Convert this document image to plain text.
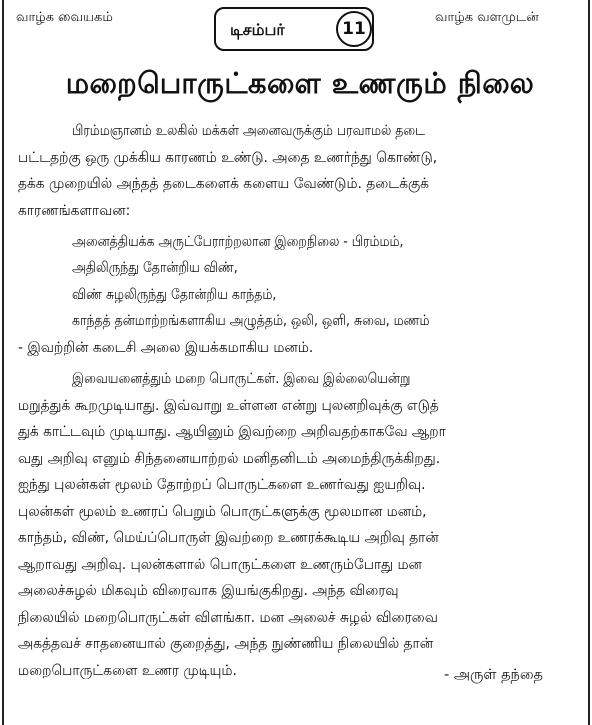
வாழ்க வையகம்
டிசம்பர்	11
வாழ்க வளமுடன்
மறைபொருட்களை உணரும் நிலை
பிரம்மஞானம் உலகில் மக்கள் அனைவருக்கும் பரவாமல் தடை
பட்டதற்கு ஒரு முக்கிய காரணம் உண்டு. அதை உணர்ந்து கொண்டு,
தக்க முறையில் அந்தத் தடைகளைக் களைய வேண்டும். தடைக்குக்
காரணங்களாவன:
அனைத்தியக்க அருட்பேராற்றலான இறைநிலை - பிரம்மம்,
அதிலிருந்து தோன்றிய விண்,
விண் சுழலிருந்து தோன்றிய காந்தம்,
காந்தத் தன்மாற்றங்களாகிய அழுத்தம், ஒலி, ஒளி, சுவை, மணம்
- இவற்றின் கடைசி அலை இயக்கமாகிய மனம்.
இவையனைத்தும் மறை பொருட்கள். இவை இல்லையென்று
மறுத்துக் கூறமுடியாது. இவ்வாறு உள்ளன என்று புலனறிவுக்கு எடுத்
துக் காட்டவும் முடியாது. ஆயினும் இவற்றை அறிவதற்காகவே ஆறா
வது அறிவு எனும் சிந்தனையாற்றல் மனிதனிடம் அமைந்திருக்கிறது.
ஐந்து புலன்கள் மூலம் தோற்றப் பொருட்களை உணர்வது ஐயறிவு.
புலன்கள் மூலம் உணரப் பெறும் பொருட்களுக்கு மூலமான மனம்,
காந்தம், விண், மெய்ப்பொருள் இவற்றை உணரக்கூடிய அறிவு தான்
ஆறாவது அறிவு. புலன்களால் பொருட்களை உணரும்போது மன
அலைச்சுழல் மிகவும் விரைவாக இயங்குகிறது. அந்த விரைவு
நிலையில் மறைபொருட்கள் விளங்கா. மன அலைச் சுழல் விரைவை
அகத்தவச் சாதனையால் குறைத்து, அந்த நுண்ணிய நிலையில் தான்
மறைபொருட்களை உணர முடியும்.	- அருள் தந்தை
